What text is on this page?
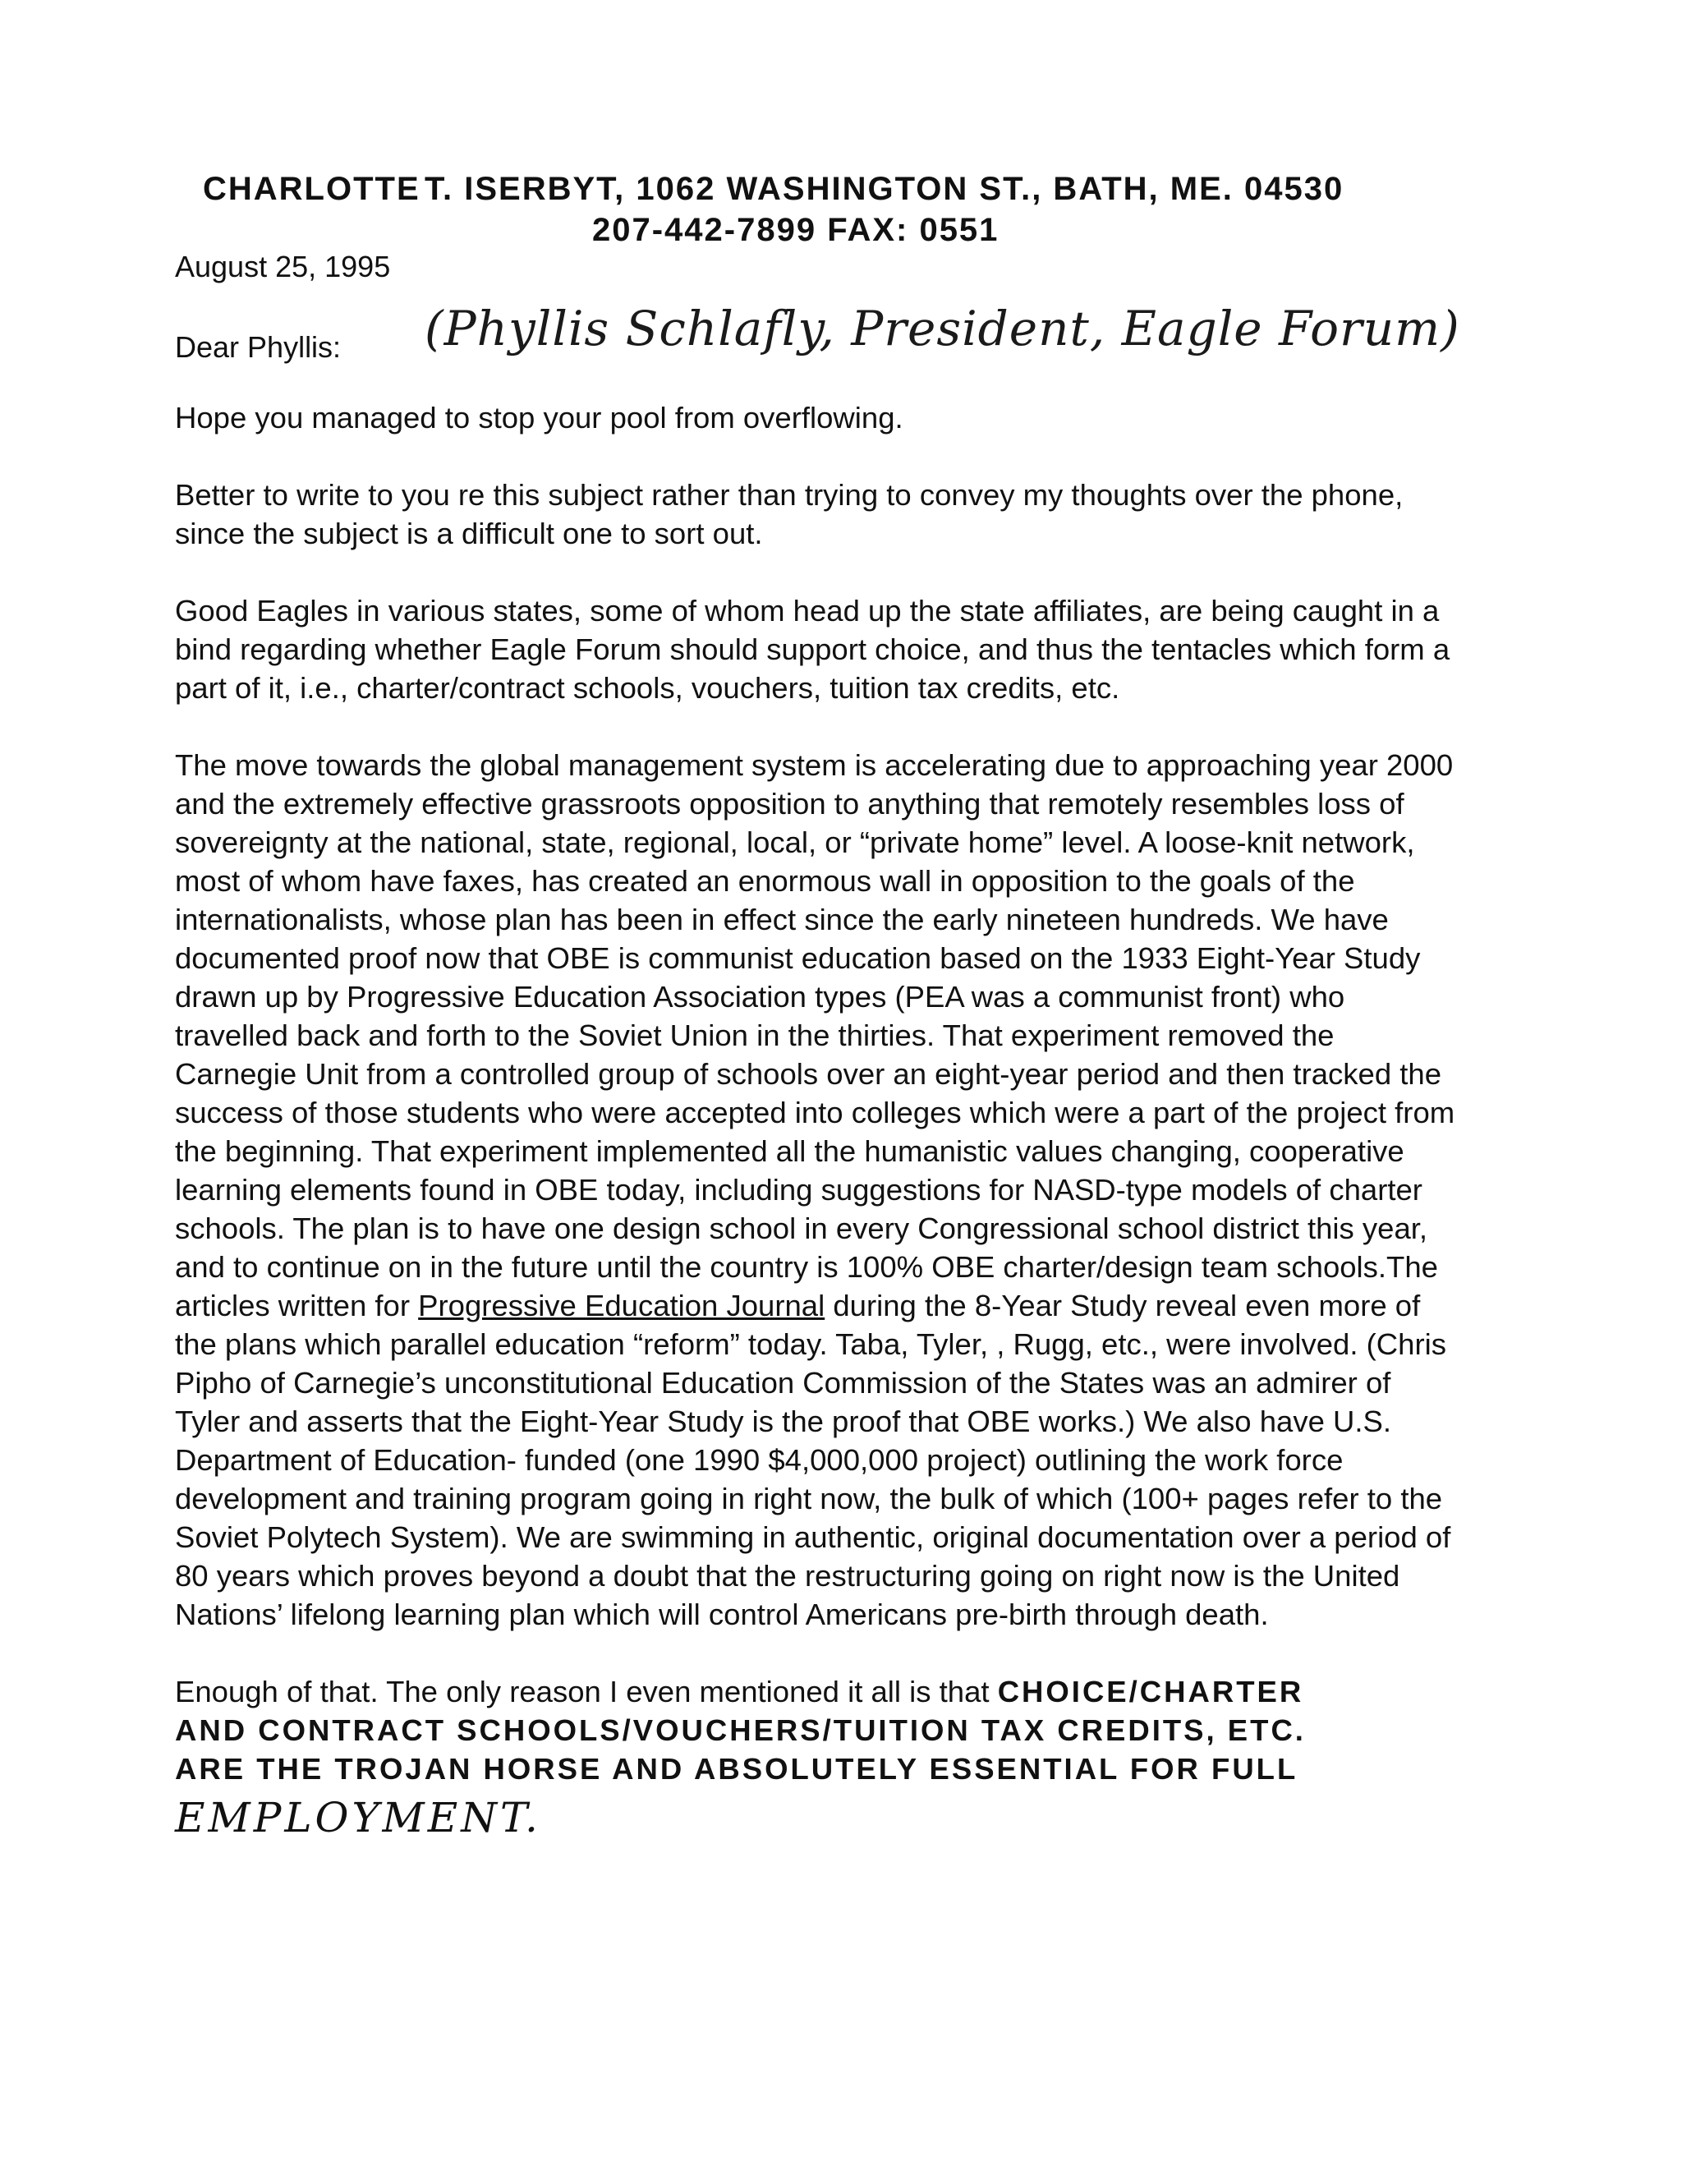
CHARLOTTE T. ISERBYT, 1062 WASHINGTON ST., BATH, ME. 04530
207-442-7899 FAX: 0551
August 25, 1995
Dear Phyllis: (Phyllis Schlafly, President, Eagle Forum)

Hope you managed to stop your pool from overflowing.

Better to write to you re this subject rather than trying to convey my thoughts over the phone, since the subject is a difficult one to sort out.

Good Eagles in various states, some of whom head up the state affiliates, are being caught in a bind regarding whether Eagle Forum should support choice, and thus the tentacles which form a part of it, i.e., charter/contract schools, vouchers, tuition tax credits, etc.

The move towards the global management system is accelerating due to approaching year 2000 and the extremely effective grassroots opposition to anything that remotely resembles loss of sovereignty at the national, state, regional, local, or “private home” level. A loose-knit network, most of whom have faxes, has created an enormous wall in opposition to the goals of the internationalists, whose plan has been in effect since the early nineteen hundreds. We have documented proof now that OBE is communist education based on the 1933 Eight-Year Study drawn up by Progressive Education Association types (PEA was a communist front) who travelled back and forth to the Soviet Union in the thirties. That experiment removed the Carnegie Unit from a controlled group of schools over an eight-year period and then tracked the success of those students who were accepted into colleges which were a part of the project from the beginning. That experiment implemented all the humanistic values changing, cooperative learning elements found in OBE today, including suggestions for NASD-type models of charter schools. The plan is to have one design school in every Congressional school district this year, and to continue on in the future until the country is 100% OBE charter/design team schools.The articles written for Progressive Education Journal during the 8-Year Study reveal even more of the plans which parallel education “reform” today. Taba, Tyler, , Rugg, etc., were involved. (Chris Pipho of Carnegie’s unconstitutional Education Commission of the States was an admirer of Tyler and asserts that the Eight-Year Study is the proof that OBE works.) We also have U.S. Department of Education- funded (one 1990 $4,000,000 project) outlining the work force development and training program going in right now, the bulk of which (100+ pages refer to the Soviet Polytech System). We are swimming in authentic, original documentation over a period of 80 years which proves beyond a doubt that the restructuring going on right now is the United Nations’ lifelong learning plan which will control Americans pre-birth through death.

Enough of that. The only reason I even mentioned it all is that CHOICE/CHARTER
AND CONTRACT SCHOOLS/VOUCHERS/TUITION TAX CREDITS, ETC.
ARE THE TROJAN HORSE AND ABSOLUTELY ESSENTIAL FOR FULL
EMPLOYMENT.
